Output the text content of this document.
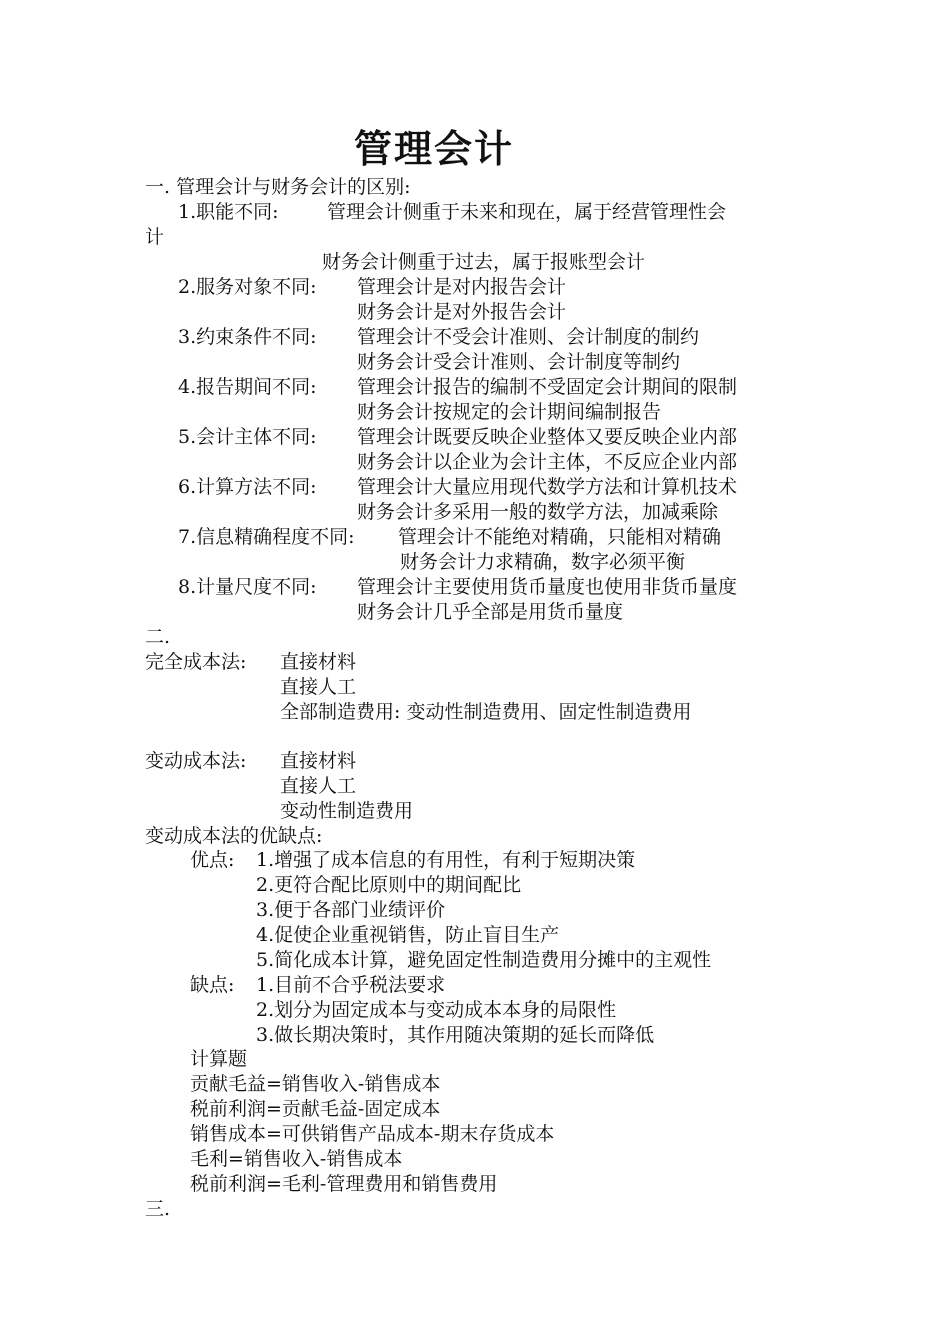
管理会计
一. 管理会计与财务会计的区别:
1.职能不同:	管理会计侧重于未来和现在，属于经营管理性会
计
财务会计侧重于过去，属于报账型会计
2.服务对象不同: 管理会计是对内报告会计
财务会计是对外报告会计
3.约束条件不同: 管理会计不受会计准则、会计制度的制约
财务会计受会计准则、会计制度等制约
4.报告期间不同: 管理会计报告的编制不受固定会计期间的限制
财务会计按规定的会计期间编制报告
5.会计主体不同: 管理会计既要反映企业整体又要反映企业内部
财务会计以企业为会计主体，不反应企业内部
6.计算方法不同: 管理会计大量应用现代数学方法和计算机技术
财务会计多采用一般的数学方法，加减乘除
7.信息精确程度不同: 管理会计不能绝对精确，只能相对精确
财务会计力求精确，数字必须平衡
8.计量尺度不同: 管理会计主要使用货币量度也使用非货币量度
财务会计几乎全部是用货币量度
二.
完全成本法: 直接材料
直接人工
全部制造费用: 变动性制造费用、固定性制造费用
变动成本法: 直接材料
直接人工
变动性制造费用
变动成本法的优缺点:
优点: 1.增强了成本信息的有用性，有利于短期决策
2.更符合配比原则中的期间配比
3.便于各部门业绩评价
4.促使企业重视销售，防止盲目生产
5.简化成本计算，避免固定性制造费用分摊中的主观性
缺点: 1.目前不合乎税法要求
2.划分为固定成本与变动成本本身的局限性
3.做长期决策时，其作用随决策期的延长而降低
计算题
贡献毛益=销售收入-销售成本
税前利润=贡献毛益-固定成本
销售成本=可供销售产品成本-期末存货成本
毛利=销售收入-销售成本
税前利润=毛利-管理费用和销售费用
三.
